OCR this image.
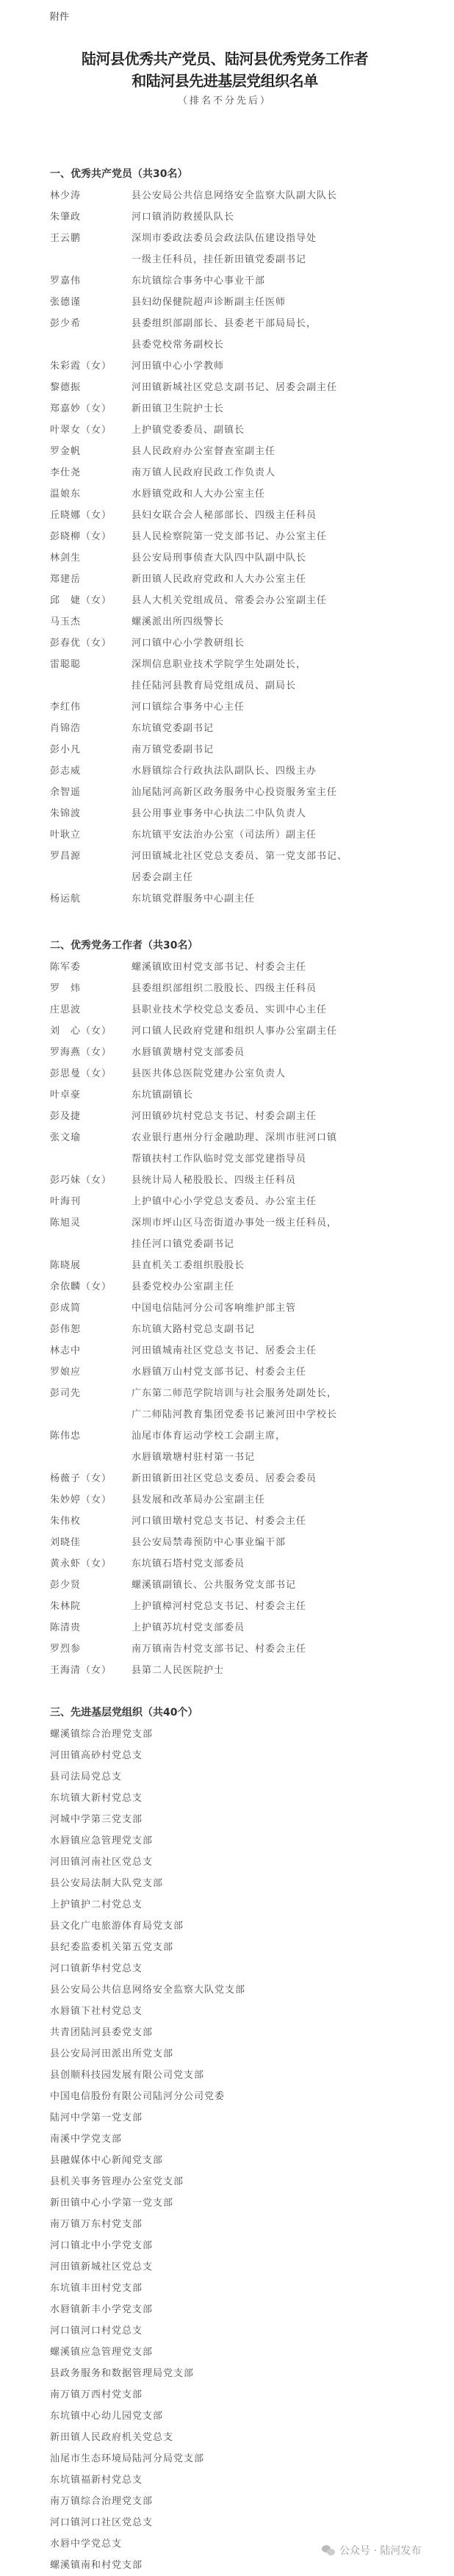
附件
陆河县优秀共产党员、陆河县优秀党务工作者
和陆河县先进基层党组织名单
（排名不分先后）
一、优秀共产党员（共30名）
林少涛	县公安局公共信息网络安全监察大队副大队长
朱肇政	河口镇消防救援队队长
王云鹏	深圳市委政法委员会政法队伍建设指导处
一级主任科员，挂任新田镇党委副书记
罗嘉伟	东坑镇综合事务中心事业干部
张德谨	县妇幼保健院超声诊断副主任医师
彭少希	县委组织部副部长、县委老干部局局长，
县委党校常务副校长
朱彩霞（女）	河田镇中心小学教师
黎德振	河田镇新城社区党总支副书记、居委会副主任
郑嘉妙（女）	新田镇卫生院护士长
叶翠女（女）	上护镇党委委员、副镇长
罗金帆	县人民政府办公室督查室副主任
李仕尧	南万镇人民政府民政工作负责人
温娘东	水唇镇党政和人大办公室主任
丘晓娜（女）	县妇女联合会人秘部部长、四级主任科员
彭晓柳（女）	县人民检察院第一党支部书记、办公室主任
林剑生	县公安局刑事侦查大队四中队副中队长
郑建岳	新田镇人民政府党政和人大办公室主任
邱　婕（女）	县人大机关党组成员、常委会办公室副主任
马玉杰	螺溪派出所四级警长
彭春优（女）	河口镇中心小学教研组长
雷聪聪	深圳信息职业技术学院学生处副处长，
挂任陆河县教育局党组成员、副局长
李红伟	河口镇综合事务中心主任
肖锦浩	东坑镇党委副书记
彭小凡	南万镇党委副书记
彭志威	水唇镇综合行政执法队副队长、四级主办
余智遥	汕尾陆河高新区政务服务中心投资服务室主任
朱锦波	县公用事业事务中心执法二中队负责人
叶耿立	东坑镇平安法治办公室（司法所）副主任
罗昌源	河田镇城北社区党总支委员、第一党支部书记、
居委会副主任
杨运航	东坑镇党群服务中心副主任
二、优秀党务工作者（共30名）
陈军委	螺溪镇欧田村党支部书记、村委会主任
罗　炜	县委组织部组织二股股长、四级主任科员
庄思波	县职业技术学校党总支委员、实训中心主任
刘　心（女）	河口镇人民政府党建和组织人事办公室副主任
罗海燕（女）	水唇镇黄塘村党支部委员
彭思曼（女）	县医共体总医院党建办公室负责人
叶卓豪	东坑镇副镇长
彭及捷	河田镇砂坑村党总支书记、村委会副主任
张文瑜	农业银行惠州分行金融助理、深圳市驻河口镇
帮镇扶村工作队临时党支部党建指导员
彭巧妹（女）	县统计局人秘股股长、四级主任科员
叶海刊	上护镇中心小学党总支委员、办公室主任
陈旭灵	深圳市坪山区马峦街道办事处一级主任科员，
挂任河口镇党委副书记
陈晓展	县直机关工委组织股股长
余依麟（女）	县委党校办公室副主任
彭成简	中国电信陆河分公司客响维护部主管
彭伟恕	东坑镇大路村党总支副书记
林志中	河田镇城南社区党总支书记、居委会主任
罗娘应	水唇镇万山村党支部书记、村委会主任
彭司先	广东第二师范学院培训与社会服务处副处长，
广二师陆河教育集团党委书记兼河田中学校长
陈伟忠	汕尾市体育运动学校工会副主席，
水唇镇墩塘村驻村第一书记
杨薇子（女）	新田镇新田社区党总支委员、居委会委员
朱妙婷（女）	县发展和改革局办公室副主任
朱伟枚	河口镇田墩村党总支书记、村委会主任
刘晓佳	县公安局禁毒预防中心事业编干部
黄永虾（女）	东坑镇石塔村党支部委员
彭少贤	螺溪镇副镇长、公共服务党支部书记
朱林院	上护镇樟河村党总支书记、村委会主任
陈清贵	上护镇苏坑村党支部委员
罗烈参	南万镇南告村党支部书记、村委会主任
王海清（女）	县第二人民医院护士
三、先进基层党组织（共40个）
螺溪镇综合治理党支部
河田镇高砂村党总支
县司法局党总支
东坑镇大新村党总支
河城中学第三党支部
水唇镇应急管理党支部
河田镇河南社区党总支
县公安局法制大队党支部
上护镇护二村党总支
县文化广电旅游体育局党支部
县纪委监委机关第五党支部
河口镇新华村党总支
县公安局公共信息网络安全监察大队党支部
水唇镇下社村党总支
共青团陆河县委党支部
县公安局河田派出所党支部
县创顺科技园发展有限公司党支部
中国电信股份有限公司陆河分公司党委
陆河中学第一党支部
南溪中学党支部
县融媒体中心新闻党支部
县机关事务管理办公室党支部
新田镇中心小学第一党支部
南万镇万东村党支部
河口镇北中小学党支部
河田镇新城社区党总支
东坑镇丰田村党支部
水唇镇新丰小学党支部
河口镇河口村党总支
螺溪镇应急管理党支部
县政务服务和数据管理局党支部
南万镇万西村党支部
东坑镇中心幼儿园党支部
新田镇人民政府机关党总支
汕尾市生态环境局陆河分局党支部
东坑镇福新村党总支
南万镇综合治理党支部
河口镇河口社区党总支
水唇中学党总支
螺溪镇南和村党支部
公众号 · 陆河发布
